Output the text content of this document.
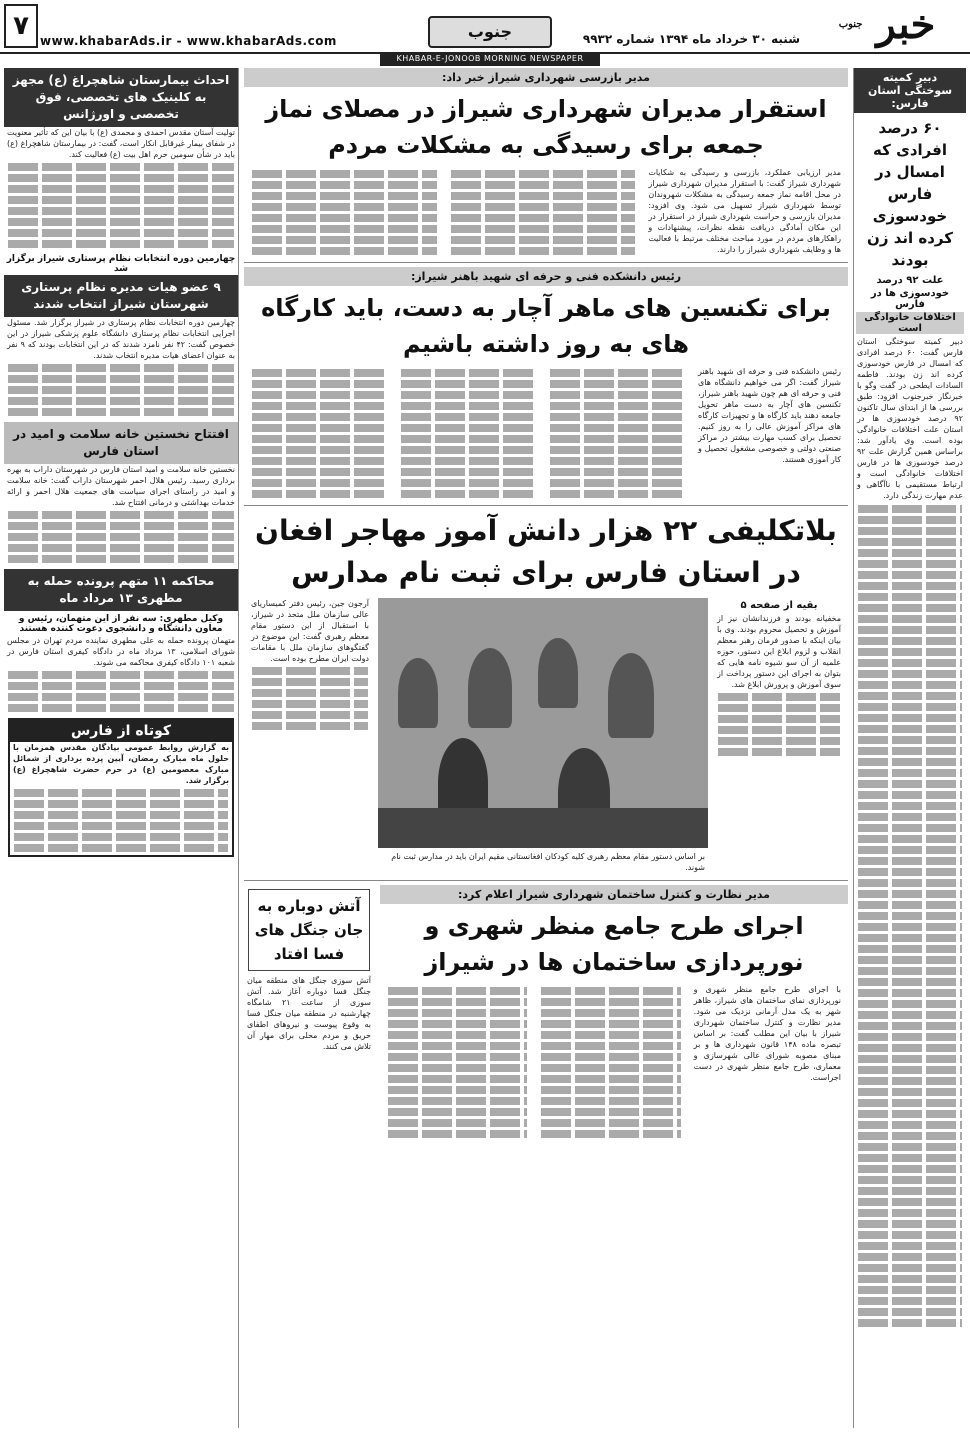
خبر $^{جنوب}$
شنبه ۳۰ خرداد ماه ۱۳۹۴ شماره ۹۹۳۲
جنوب
www.khabarAds.ir - www.khabarAds.com
۷
KHABAR-E-JONOOB MORNING NEWSPAPER
دبیر کمیته سوختگی استان فارس:
۶۰ درصد افرادی که امسال در فارس خودسوزی کرده اند زن بودند
علت ۹۲ درصد
خودسوزی ها در فارس
اختلافات خانوادگی است
دبیر کمیته سوختگی استان فارس گفت: ۶۰ درصد افرادی که امسال در فارس خودسوزی کرده اند زن بودند. فاطمه السادات ایطحی در گفت وگو با خبرنگار خبرجنوب افزود: طبق بررسی ها از ابتدای سال تاکنون ۹۲ درصد خودسوزی ها در استان علت اختلافات خانوادگی بوده است. وی یادآور شد: براساس همین گزارش علت ۹۲ درصد خودسوزی ها در فارس اختلافات خانوادگی است و ارتباط مستقیمی با ناآگاهی و عدم مهارت زندگی دارد.
مدیر بازرسی شهرداری شیراز خبر داد:
استقرار مدیران شهرداری شیراز در مصلای نماز جمعه برای رسیدگی به مشکلات مردم
مدیر ارزیابی عملکرد، بازرسی و رسیدگی به شکایات شهرداری شیراز گفت: با استقرار مدیران شهرداری شیراز در محل اقامه نماز جمعه رسیدگی به مشکلات شهروندان توسط شهرداری شیراز تسهیل می شود. وی افزود: مدیران بازرسی و حراست شهرداری شیراز در استقرار در این مکان آمادگی دریافت نقطه نظرات، پیشنهادات و راهکارهای مردم در مورد مباحث مختلف مرتبط با فعالیت ها و وظایف شهرداری شیراز را دارند.
رئیس دانشکده فنی و حرفه ای شهید باهنر شیراز:
برای تکنسین های ماهر آچار به دست، باید کارگاه های به روز داشته باشیم
رئیس دانشکده فنی و حرفه ای شهید باهنر شیراز گفت: اگر می خواهیم دانشگاه های فنی و حرفه ای هم چون شهید باهنر شیراز، تکنسین های آچار به دست ماهر تحویل جامعه دهند باید کارگاه ها و تجهیزات کارگاه های مراکز آموزش عالی را به روز کنیم. تحصیل برای کسب مهارت بیشتر در مراکز صنعتی دولتی و خصوصی مشغول تحصیل و کار آموزی هستند.
بلاتکلیفی ۲۲ هزار دانش آموز مهاجر افغان در استان فارس برای ثبت نام مدارس
بقیه از صفحه ۵
مخفیانه بودند و فرزندانشان نیز از آموزش و تحصیل محروم بودند. وی با بیان اینکه با صدور فرمان رهبر معظم انقلاب و لزوم ابلاغ این دستور، حوزه علمیه از آن سو شیوه نامه هایی که بتوان به اجرای این دستور پرداخت از سوی آموزش و پرورش ابلاغ شد.
بر اساس دستور مقام معظم رهبری کلیه کودکان افغانستانی مقیم ایران باید در مدارس ثبت نام شوند.
آرجون جین، رئیس دفتر کمیساریای عالی سازمان ملل متحد در شیراز، با استقبال از این دستور مقام معظم رهبری گفت: این موضوع در گفتگوهای سازمان ملل با مقامات دولت ایران مطرح بوده است.
مدیر نظارت و کنترل ساختمان شهرداری شیراز اعلام کرد:
اجرای طرح جامع منظر شهری و نورپردازی ساختمان ها در شیراز
با اجرای طرح جامع منظر شهری و نورپردازی نمای ساختمان های شیراز، ظاهر شهر به یک مدل آرمانی نزدیک می شود. مدیر نظارت و کنترل ساختمان شهرداری شیراز با بیان این مطلب گفت: بر اساس تبصره ماده ۱۴۸ قانون شهرداری ها و بر مبنای مصوبه شورای عالی شهرسازی و معماری، طرح جامع منظر شهری در دست اجراست.
آتش دوباره به جان جنگل های فسا افتاد
آتش سوزی جنگل های منطقه میان جنگل فسا دوباره آغاز شد. آتش سوزی از ساعت ۲۱ شامگاه چهارشنبه در منطقه میان جنگل فسا به وقوع پیوست و نیروهای اطفای حریق و مردم محلی برای مهار آن تلاش می کنند.
احداث بیمارستان شاهچراغ (ع) مجهز به کلینیک های تخصصی، فوق تخصصی و اورژانس
تولیت آستان مقدس احمدی و محمدی (ع) با بیان این که تأثیر معنویت در شفای بیمار غیرقابل انکار است، گفت: در بیمارستان شاهچراغ (ع) باید در شأن سومین حرم اهل بیت (ع) فعالیت کند.
چهارمین دوره انتخابات نظام پرستاری شیراز برگزار شد
۹ عضو هیات مدیره نظام پرستاری شهرستان شیراز انتخاب شدند
چهارمین دوره انتخابات نظام پرستاری در شیراز برگزار شد. مسئول اجرایی انتخابات نظام پرستاری دانشگاه علوم پزشکی شیراز در این خصوص گفت: ۴۲ نفر نامزد شدند که در این انتخابات بودند که ۹ نفر به عنوان اعضای هیات مدیره انتخاب شدند.
افتتاح نخستین خانه سلامت و امید در استان فارس
نخستین خانه سلامت و امید استان فارس در شهرستان داراب به بهره برداری رسید. رئیس هلال احمر شهرستان داراب گفت: خانه سلامت و امید در راستای اجرای سیاست های جمعیت هلال احمر و ارائه خدمات بهداشتی و درمانی افتتاح شد.
محاکمه ۱۱ متهم پرونده حمله به مطهری ۱۳ مرداد ماه
وکیل مطهری: سه نفر از این متهمان، رئیس و معاون دانشگاه و دانشجوی دعوت کننده هستند
متهمان پرونده حمله به علی مطهری نماینده مردم تهران در مجلس شورای اسلامی، ۱۳ مرداد ماه در دادگاه کیفری استان فارس در شعبه ۱۰۱ دادگاه کیفری محاکمه می شوند.
کوتاه از فارس
به گزارش روابط عمومی بیادگان مقدس همزمان با حلول ماه مبارک رمضان، آیین پرده برداری از شمائل مبارک معصومین (ع) در حرم حضرت شاهچراغ (ع) برگزار شد.
